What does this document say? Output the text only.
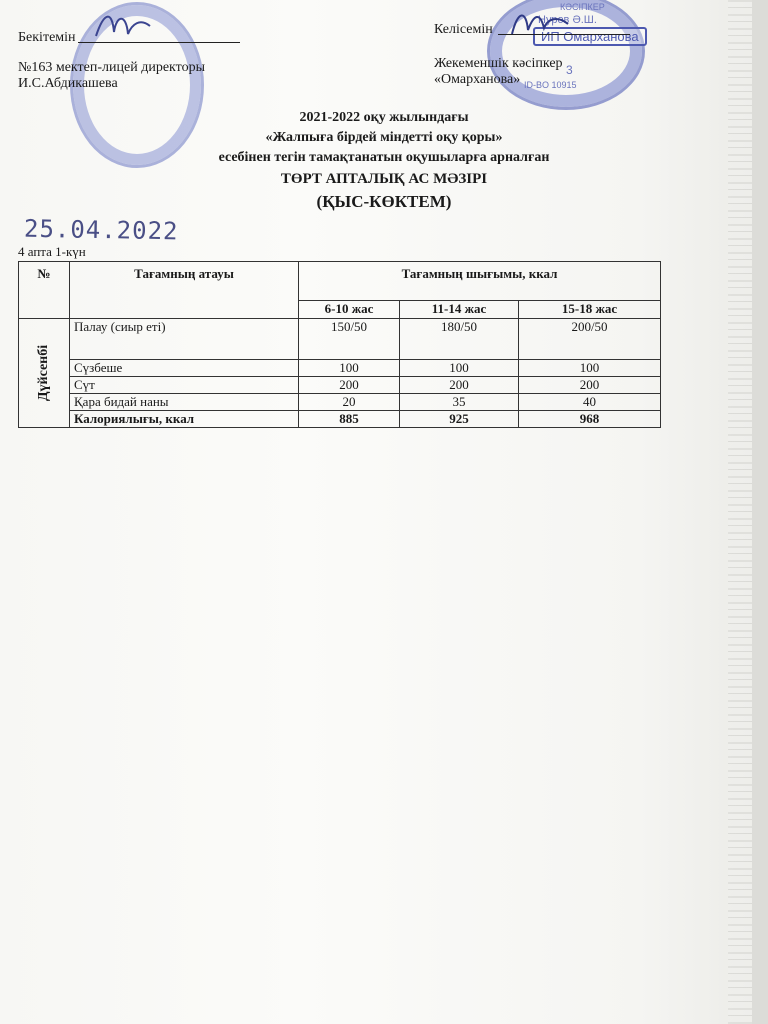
КӘСІПКЕР
Нуров Ә.Ш.
ИП Омарханова
ID-BO 10915
3
Бекітемін
№163 мектеп-лицей директоры
И.С.Абдикашева
Келісемін
Жекеменшік кәсіпкер
«Омарханова»
2021-2022 оқу жылындағы
«Жалпыға бірдей міндетті оқу қоры»
есебінен тегін тамақтанатын оқушыларға арналған
ТӨРТ АПТАЛЫҚ АС МӘЗІРІ
(ҚЫС-КӨКТЕМ)
25.04.2022
4 апта 1-күн
№	Тағамның атауы	Тағамның шығымы, ккал		
		6-10 жас	11-14 жас	15-18 жас

Дүйсенбі	Палау (сиыр еті)	150/50	180/50	200/50
	Сүзбеше	100	100	100
	Сүт	200	200	200
	Қара бидай наны	20	35	40
	Калориялығы, ккал	885	925	968
